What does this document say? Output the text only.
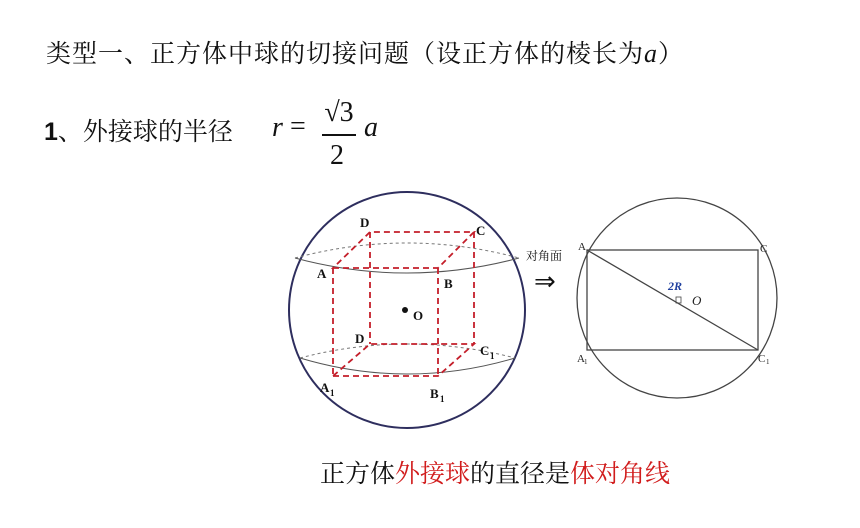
类型一、正方体中球的切接问题（设正方体的棱长为a）
1、外接球的半径 r = √3
2
a
D
C
A
B
O
D
C 1
A 1	B 1
对角面
⇒
A	C
A 1	C 1
2R
O
正方体外接球的直径是体对角线
